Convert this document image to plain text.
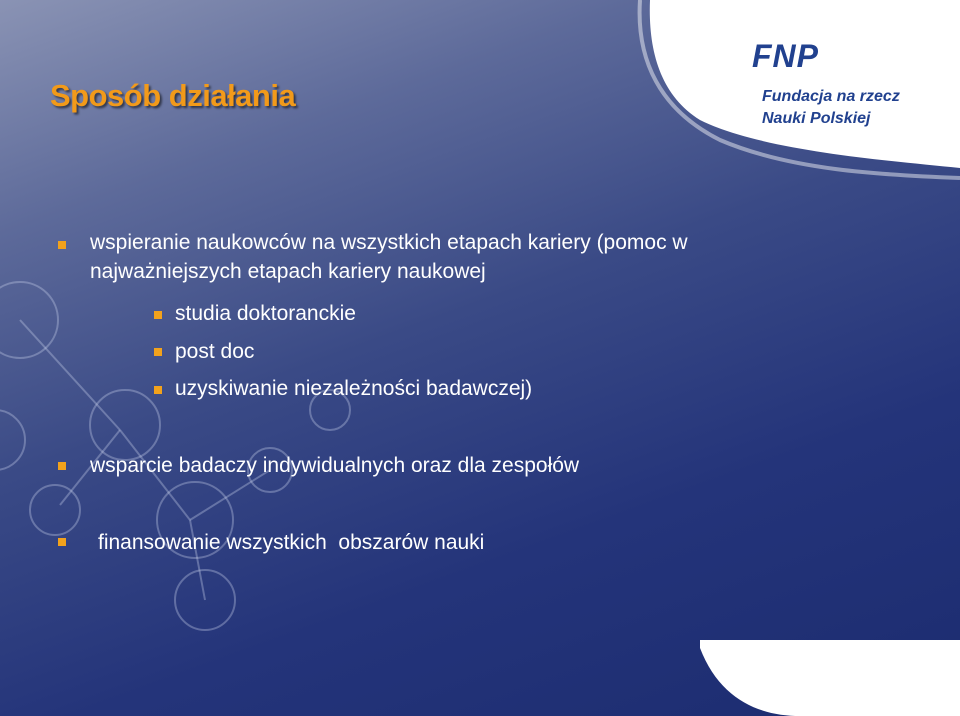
Sposób działania
FNP
Fundacja na rzecz
Nauki Polskiej
wspieranie naukowców na wszystkich etapach kariery (pomoc w
najważniejszych etapach kariery naukowej
studia doktoranckie
post doc
uzyskiwanie niezależności badawczej)
wsparcie badaczy indywidualnych oraz dla zespołów
finansowanie wszystkich  obszarów nauki
5
